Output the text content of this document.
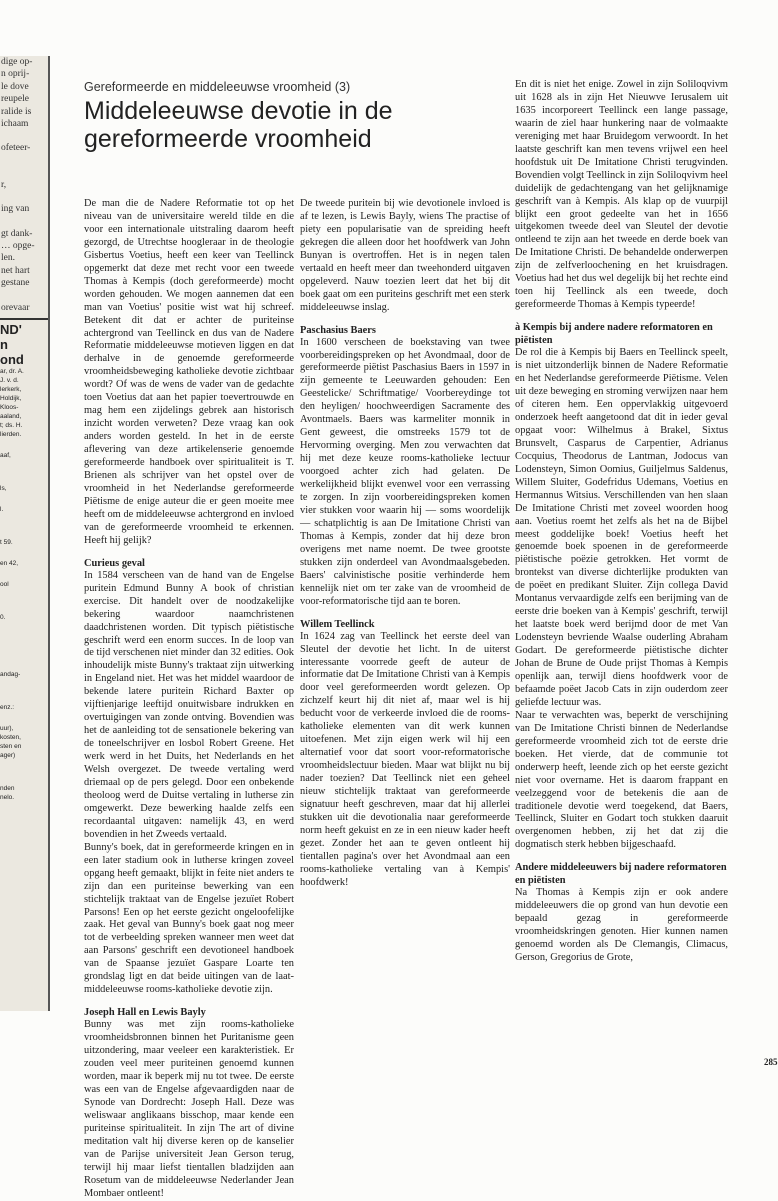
dige op-
n oprij-
le dove
reupele
ralide is
ichaam
ofeteer-
r,
ing van
gt dank-
… opge-
len.
net hart
gestane
orevaar
ND'
n
ond
ar, dr. A.
J. v. d.
lerkerk,
Holdijk,
Kloos-
aaland,
t; ds. H.
lierden.
aaf,
ls,
l.
t 59.
en 42,
ool
0.
andag-
enz.:
uur),
kosten,
sten en
ager)
nden
nelo.
Gereformeerde en middeleeuwse vroomheid (3)
Middeleeuwse devotie in de gereformeerde vroomheid

De man die de Nadere Reformatie tot op het niveau van de universitaire wereld tilde en die voor een internationale uitstraling daarom heeft gezorgd, de Utrechtse hoogleraar in de theologie Gisbertus Voetius, heeft een keer van Teellinck opgemerkt dat deze met recht voor een tweede Thomas à Kempis (doch gereformeerde) mocht worden gehouden. We mogen aannemen dat een man van Voetius' positie wist wat hij schreef. Betekent dit dat er achter de puriteinse achtergrond van Teellinck en dus van de Nadere Reformatie middeleeuwse motieven liggen en dat derhalve in de genoemde gereformeerde vroomheidsbeweging katholieke devotie zichtbaar wordt? Of was de wens de vader van de gedachte toen Voetius dat aan het papier toevertrouwde en mag hem een zijdelings gebrek aan historisch inzicht worden verweten? Deze vraag kan ook anders worden gesteld. In het in de eerste aflevering van deze artikelenserie genoemde gereformeerde handboek over spiritualiteit is T. Brienen als schrijver van het opstel over de vroomheid in het Nederlandse gereformeerde Piëtisme de enige auteur die er geen moeite mee heeft om de middeleeuwse achtergrond en invloed van de gereformeerde vroomheid te erkennen. Heeft hij gelijk?

Curieus geval

In 1584 verscheen van de hand van de Engelse puritein Edmund Bunny A book of christian exercise. Dit handelt over de noodzakelijke bekering waardoor naamchristenen daadchristenen worden. Dit typisch piëtistische geschrift werd een enorm succes. In de loop van de tijd verschenen niet minder dan 32 edities. Ook inhoudelijk miste Bunny's traktaat zijn uitwerking in Engeland niet. Het was het middel waardoor de bekende latere puritein Richard Baxter op vijftienjarige leeftijd onuitwisbare indrukken en overtuigingen van zonde ontving. Bovendien was het de aanleiding tot de sensationele bekering van de toneelschrijver en losbol Robert Greene. Het werk werd in het Duits, het Nederlands en het Welsh overgezet. De tweede vertaling werd driemaal op de pers gelegd. Door een onbekende theoloog werd de Duitse vertaling in lutherse zin omgewerkt. Deze bewerking haalde zelfs een recordaantal uitgaven: namelijk 43, en werd bovendien in het Zweeds vertaald.

Bunny's boek, dat in gereformeerde kringen en in een later stadium ook in lutherse kringen zoveel opgang heeft gemaakt, blijkt in feite niet anders te zijn dan een puriteinse bewerking van een stichtelijk traktaat van de Engelse jezuïet Robert Parsons! Een op het eerste gezicht ongeloofelijke zaak. Het geval van Bunny's boek gaat nog meer tot de verbeelding spreken wanneer men weet dat aan Parsons' geschrift een devotioneel handboek van de Spaanse jezuïet Gaspare Loarte ten grondslag ligt en dat beide uitingen van de laat-middeleeuwse rooms-katholieke devotie zijn.

Joseph Hall en Lewis Bayly

Bunny was met zijn rooms-katholieke vroomheidsbronnen binnen het Puritanisme geen uitzondering, maar veeleer een karakteristiek. Er zouden veel meer puriteinen genoemd kunnen worden, maar ik beperk mij nu tot twee. De eerste was een van de Engelse afgevaardigden naar de Synode van Dordrecht: Joseph Hall. Deze was weliswaar anglikaans bisschop, maar kende een puriteinse spiritualiteit. In zijn The art of divine meditation valt hij diverse keren op de kanselier van de Parijse universiteit Jean Gerson terug, terwijl hij maar liefst tientallen bladzijden aan Rosetum van de middeleeuwse Nederlander Jean Mombaer ontleent!

De tweede puritein bij wie devotionele invloed is af te lezen, is Lewis Bayly, wiens The practise of piety een popularisatie van de spreiding heeft gekregen die alleen door het hoofdwerk van John Bunyan is overtroffen. Het is in negen talen vertaald en heeft meer dan tweehonderd uitgaven opgeleverd. Nauw toezien leert dat het bij dit boek gaat om een puriteins geschrift met een sterk middeleeuwse inslag.

Paschasius Baers

In 1600 verscheen de boekstaving van twee voorbereidingspreken op het Avondmaal, door de gereformeerde piëtist Paschasius Baers in 1597 in zijn gemeente te Leeuwarden gehouden: Een Geestelicke/ Schriftmatige/ Voorbereydinge tot den heyligen/ hoochweerdigen Sacramente des Avontmaels. Baers was karmeliter monnik in Gent geweest, die omstreeks 1579 tot de Hervorming overging. Men zou verwachten dat hij met deze keuze rooms-katholieke lectuur voorgoed achter zich had gelaten. De werkelijkheid blijkt evenwel voor een verrassing te zorgen. In zijn voorbereidingspreken komen vier stukken voor waarin hij — soms woordelijk — schatplichtig is aan De Imitatione Christi van Thomas à Kempis, zonder dat hij deze bron overigens met name noemt. De twee grootste stukken zijn onderdeel van Avondmaalsgebeden. Baers' calvinistische positie verhinderde hem kennelijk niet om ter zake van de vroomheid de voor-reformatorische tijd aan te boren.

Willem Teellinck

In 1624 zag van Teellinck het eerste deel van Sleutel der devotie het licht. In de uiterst interessante voorrede geeft de auteur de informatie dat De Imitatione Christi van à Kempis door veel gereformeerden wordt gelezen. Op zichzelf keurt hij dit niet af, maar wel is hij beducht voor de verkeerde invloed die de rooms-katholieke elementen van dit werk kunnen uitoefenen. Met zijn eigen werk wil hij een alternatief voor dat soort voor-reformatorische vroomheidslectuur bieden. Maar wat blijkt nu bij nader toezien? Dat Teellinck niet een geheel nieuw stichtelijk traktaat van gereformeerde signatuur heeft geschreven, maar dat hij allerlei stukken uit die devotionalia naar gereformeerde norm heeft gekuist en ze in een nieuw kader heeft gezet. Zonder het aan te geven ontleent hij tientallen pagina's over het Avondmaal aan een rooms-katholieke vertaling van à Kempis' hoofdwerk!

En dit is niet het enige. Zowel in zijn Soliloqvivm uit 1628 als in zijn Het Nieuwve Ierusalem uit 1635 incorporeert Teellinck een lange passage, waarin de ziel haar hunkering naar de volmaakte vereniging met haar Bruidegom verwoordt. In het laatste geschrift kan men tevens vrijwel een heel hoofdstuk uit De Imitatione Christi terugvinden. Bovendien volgt Teellinck in zijn Soliloqvivm heel duidelijk de gedachtengang van het gelijknamige geschrift van à Kempis. Als klap op de vuurpijl blijkt een groot gedeelte van het in 1656 uitgekomen tweede deel van Sleutel der devotie ontleend te zijn aan het tweede en derde boek van De Imitatione Christi. De behandelde onderwerpen zijn de zelfverloochening en het kruisdragen. Voetius had het dus wel degelijk bij het rechte eind toen hij Teellinck als een tweede, doch gereformeerde Thomas à Kempis typeerde!

à Kempis bij andere nadere reformatoren en piëtisten

De rol die à Kempis bij Baers en Teellinck speelt, is niet uitzonderlijk binnen de Nadere Reformatie en het Nederlandse gereformeerde Piëtisme. Velen uit deze beweging en stroming verwijzen naar hem of citeren hem. Een oppervlakkig uitgevoerd onderzoek heeft aangetoond dat dit in ieder geval opgaat voor: Wilhelmus à Brakel, Sixtus Brunsvelt, Casparus de Carpentier, Adrianus Cocquius, Theodorus de Lantman, Jodocus van Lodensteyn, Simon Oomius, Guiljelmus Saldenus, Willem Sluiter, Godefridus Udemans, Voetius en Hermannus Witsius. Verschillenden van hen slaan De Imitatione Christi met zoveel woorden hoog aan. Voetius roemt het zelfs als het na de Bijbel meest goddelijke boek! Voetius heeft het genoemde boek spoenen in de gereformeerde piëtistische poëzie getrokken. Het vormt de brontekst van diverse dichterlijke produkten van de poëet en predikant Sluiter. Zijn collega David Montanus vervaardigde zelfs een berijming van de eerste drie boeken van à Kempis' geschrift, terwijl het laatste boek werd berijmd door de met Van Lodensteyn bevriende Waalse ouderling Abraham Godart. De gereformeerde piëtistische dichter Johan de Brune de Oude prijst Thomas à Kempis openlijk aan, terwijl diens hoofdwerk voor de befaamde poëet Jacob Cats in zijn ouderdom zeer geliefde lectuur was.

Naar te verwachten was, beperkt de verschijning van De Imitatione Christi binnen de Nederlandse gereformeerde vroomheid zich tot de eerste drie boeken. Het vierde, dat de communie tot onderwerp heeft, leende zich op het eerste gezicht niet voor overname. Het is daarom frappant en veelzeggend voor de betekenis die aan de traditionele devotie werd toegekend, dat Baers, Teellinck, Sluiter en Godart toch stukken daaruit overgenomen hebben, zij het dat zij die dogmatisch sterk hebben bijgeschaafd.

Andere middeleeuwers bij nadere reformatoren en piëtisten

Na Thomas à Kempis zijn er ook andere middeleeuwers die op grond van hun devotie een bepaald gezag in gereformeerde vroomheidskringen genoten. Hier kunnen namen genoemd worden als De Clemangis, Climacus, Gerson, Gregorius de Grote,

285
